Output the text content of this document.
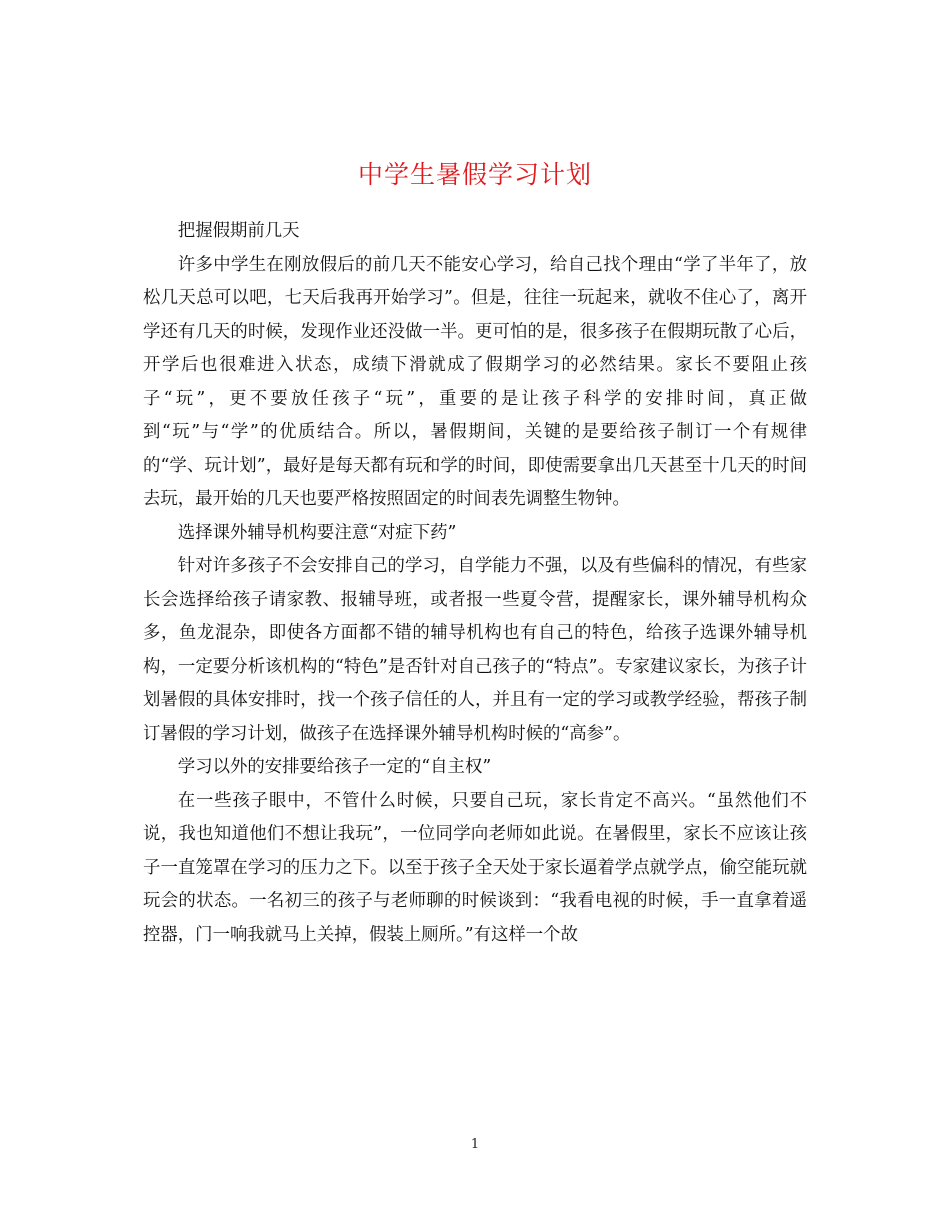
中学生暑假学习计划

把握假期前几天

许多中学生在刚放假后的前几天不能安心学习，给自己找个理由“学了半年了，放松几天总可以吧，七天后我再开始学习”。但是，往往一玩起来，就收不住心了，离开学还有几天的时候，发现作业还没做一半。更可怕的是，很多孩子在假期玩散了心后，开学后也很难进入状态，成绩下滑就成了假期学习的必然结果。家长不要阻止孩子“玩”，更不要放任孩子“玩”，重要的是让孩子科学的安排时间，真正做到“玩”与“学”的优质结合。所以，暑假期间，关键的是要给孩子制订一个有规律的“学、玩计划”，最好是每天都有玩和学的时间，即使需要拿出几天甚至十几天的时间去玩，最开始的几天也要严格按照固定的时间表先调整生物钟。

选择课外辅导机构要注意“对症下药”

针对许多孩子不会安排自己的学习，自学能力不强，以及有些偏科的情况，有些家长会选择给孩子请家教、报辅导班，或者报一些夏令营，提醒家长，课外辅导机构众多，鱼龙混杂，即使各方面都不错的辅导机构也有自己的特色，给孩子选课外辅导机构，一定要分析该机构的“特色”是否针对自己孩子的“特点”。专家建议家长，为孩子计划暑假的具体安排时，找一个孩子信任的人，并且有一定的学习或教学经验，帮孩子制订暑假的学习计划，做孩子在选择课外辅导机构时候的“高参”。

学习以外的安排要给孩子一定的“自主权”

在一些孩子眼中，不管什么时候，只要自己玩，家长肯定不高兴。“虽然他们不说，我也知道他们不想让我玩”，一位同学向老师如此说。在暑假里，家长不应该让孩子一直笼罩在学习的压力之下。以至于孩子全天处于家长逼着学点就学点，偷空能玩就玩会的状态。一名初三的孩子与老师聊的时候谈到：“我看电视的时候，手一直拿着遥控器，门一响我就马上关掉，假装上厕所。”有这样一个故

1
